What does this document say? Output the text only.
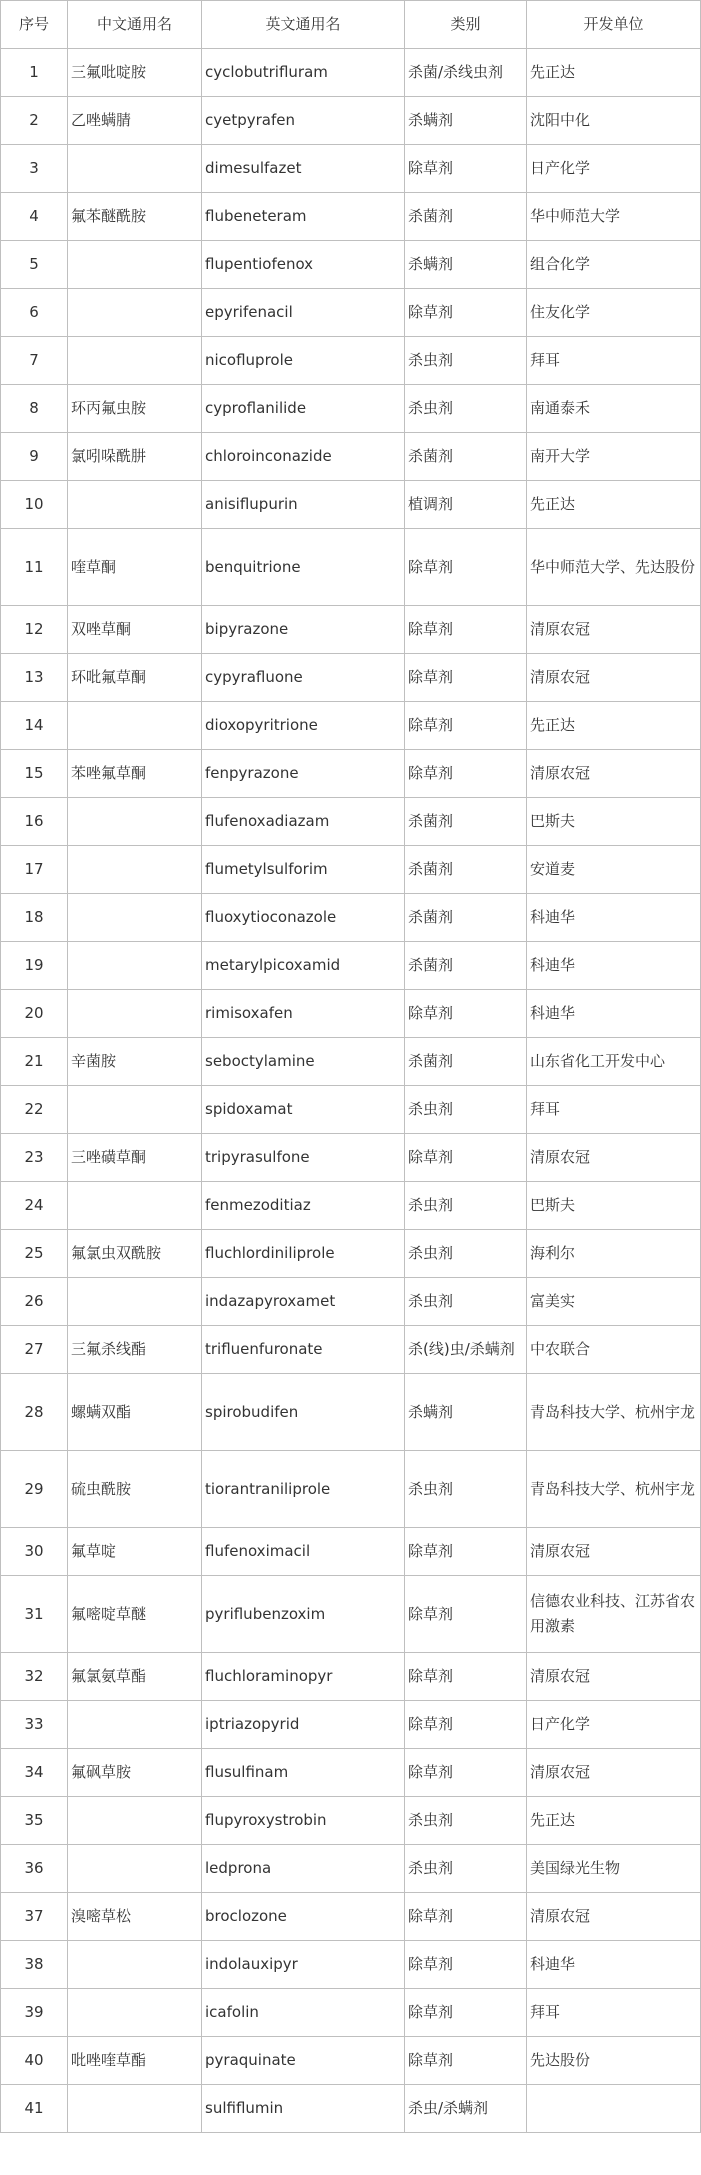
序号	中文通用名	英文通用名	类别	开发单位
1	三氟吡啶胺	cyclobutrifluram	杀菌/杀线虫剂	先正达
2	乙唑螨腈	cyetpyrafen	杀螨剂	沈阳中化
3		dimesulfazet	除草剂	日产化学
4	氟苯醚酰胺	flubeneteram	杀菌剂	华中师范大学
5		flupentiofenox	杀螨剂	组合化学
6		epyrifenacil	除草剂	住友化学
7		nicofluprole	杀虫剂	拜耳
8	环丙氟虫胺	cyproflanilide	杀虫剂	南通泰禾
9	氯吲哚酰肼	chloroinconazide	杀菌剂	南开大学
10		anisiflupurin	植调剂	先正达
11	喹草酮	benquitrione	除草剂	华中师范大学、先达股份
12	双唑草酮	bipyrazone	除草剂	清原农冠
13	环吡氟草酮	cypyrafluone	除草剂	清原农冠
14		dioxopyritrione	除草剂	先正达
15	苯唑氟草酮	fenpyrazone	除草剂	清原农冠
16		flufenoxadiazam	杀菌剂	巴斯夫
17		flumetylsulforim	杀菌剂	安道麦
18		fluoxytioconazole	杀菌剂	科迪华
19		metarylpicoxamid	杀菌剂	科迪华
20		rimisoxafen	除草剂	科迪华
21	辛菌胺	seboctylamine	杀菌剂	山东省化工开发中心
22		spidoxamat	杀虫剂	拜耳
23	三唑磺草酮	tripyrasulfone	除草剂	清原农冠
24		fenmezoditiaz	杀虫剂	巴斯夫
25	氟氯虫双酰胺	fluchlordiniliprole	杀虫剂	海利尔
26		indazapyroxamet	杀虫剂	富美实
27	三氟杀线酯	trifluenfuronate	杀(线)虫/杀螨剂	中农联合
28	螺螨双酯	spirobudifen	杀螨剂	青岛科技大学、杭州宇龙
29	硫虫酰胺	tiorantraniliprole	杀虫剂	青岛科技大学、杭州宇龙
30	氟草啶	flufenoximacil	除草剂	清原农冠
31	氟嘧啶草醚	pyriflubenzoxim	除草剂	信德农业科技、江苏省农用激素
32	氟氯氨草酯	fluchloraminopyr	除草剂	清原农冠
33		iptriazopyrid	除草剂	日产化学
34	氟砜草胺	flusulfinam	除草剂	清原农冠
35		flupyroxystrobin	杀虫剂	先正达
36		ledprona	杀虫剂	美国绿光生物
37	溴嘧草松	broclozone	除草剂	清原农冠
38		indolauxipyr	除草剂	科迪华
39		icafolin	除草剂	拜耳
40	吡唑喹草酯	pyraquinate	除草剂	先达股份
41		sulfiflumin	杀虫/杀螨剂	
